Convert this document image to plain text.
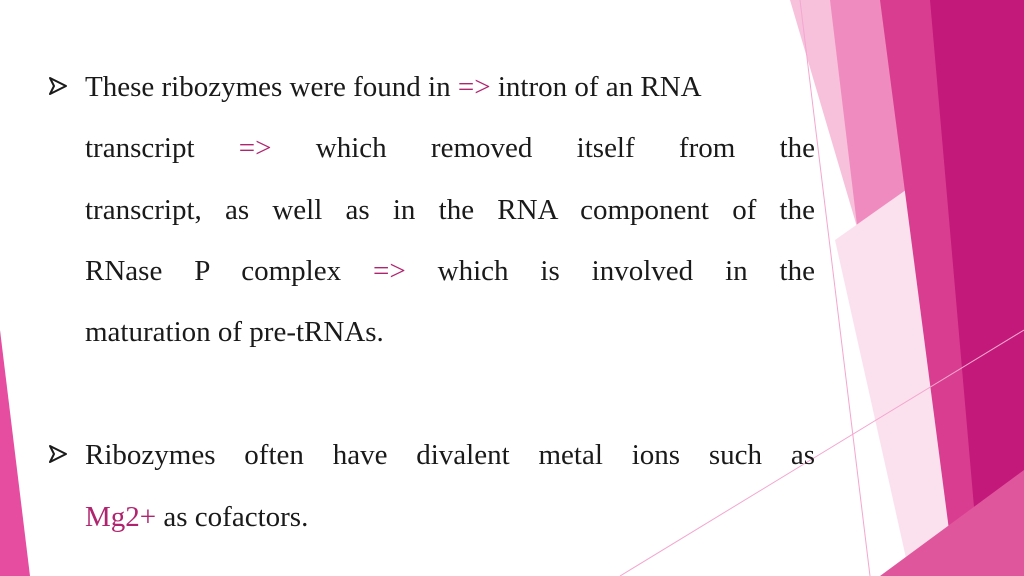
These ribozymes were found in => intron of an RNA
transcript => which removed itself from the
transcript, as well as in the RNA component of the
RNase P complex => which is involved in the
maturation of pre-tRNAs.
Ribozymes often have divalent metal ions such as
Mg2+ as cofactors.
